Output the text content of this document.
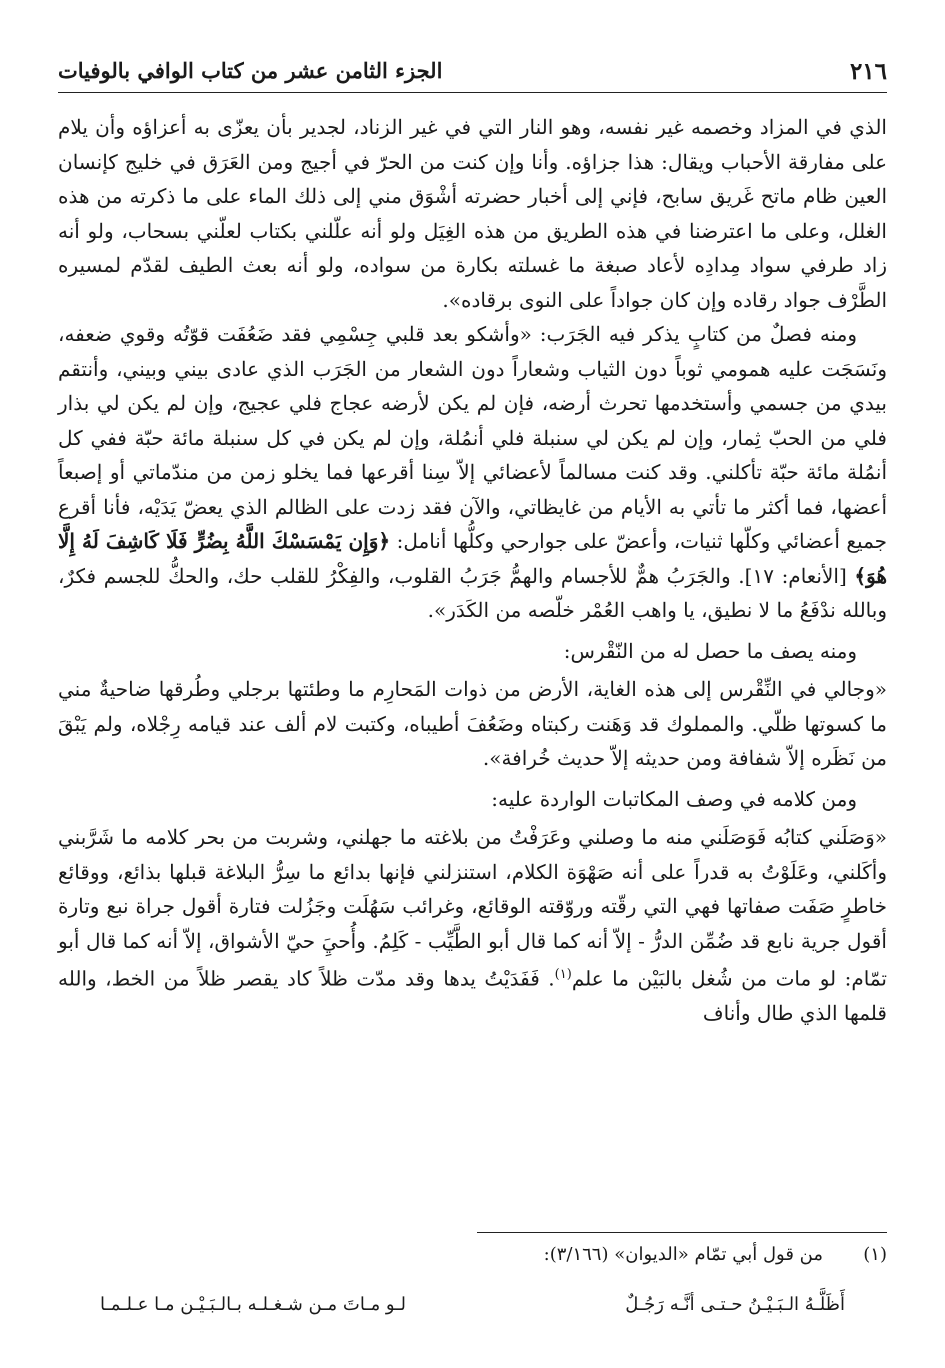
٢١٦
الجزء الثامن عشر من كتاب الوافي بالوفيات

الذي في المزاد وخصمه غير نفسه، وهو النار التي في غير الزناد، لجدير بأن يعزّى به أعزاؤه وأن يلام على مفارقة الأحباب ويقال: هذا جزاؤه. وأنا وإن كنت من الحرّ في أجيج ومن العَرَق في خليج كإنسان العين ظام ماتح غَريق سابح، فإني إلى أخبار حضرته أشْوَق مني إلى ذلك الماء على ما ذكرته من هذه الغلل، وعلى ما اعترضنا في هذه الطريق من هذه الغِيَل ولو أنه علّلني بكتاب لعلّني بسحاب، ولو أنه زاد طرفي سواد مِدادِه لأعاد صبغة ما غسلته بكارة من سواده، ولو أنه بعث الطيف لقدّم لمسيره الطَّرْف جواد رقاده وإن كان جواداً على النوى برقاده».

ومنه فصلٌ من كتابٍ يذكر فيه الجَرَب: «وأشكو بعد قلبي جِسْمِي فقد ضَعُفَت قوّتُه وقوي ضعفه، ونَسَجَت عليه همومي ثوباً دون الثياب وشعاراً دون الشعار من الجَرَب الذي عادى بيني وبيني، وأنتقم بيدي من جسمي وأستخدمها تحرث أرضه، فإن لم يكن لأرضه عجاج فلي عجيج، وإن لم يكن لي بذار فلي من الحبّ ثِمار، وإن لم يكن لي سنبلة فلي أنمُلة، وإن لم يكن في كل سنبلة مائة حبّة ففي كل أنمُلة مائة حبّة تأكلني. وقد كنت مسالماً لأعضائي إلاّ سِنا أقرعها فما يخلو زمن من مندّماتي أو إصبعاً أعضها، فما أكثر ما تأتي به الأيام من غايظاتي، والآن فقد زدت على الظالم الذي يعضّ يَدَيْه، فأنا أقرع جميع أعضائي وكلّها ثنيات، وأعضّ على جوارحي وكلُّها أنامل: ﴿وَإِن يَمْسَسْكَ اللَّهُ بِضُرٍّ فَلَا كَاشِفَ لَهُ إِلَّا هُوَ﴾ [الأنعام: ١٧]. والجَرَبُ همٌّ للأجسام والهمُّ جَرَبُ القلوب، والفِكْرُ للقلب حك، والحكُّ للجسم فكرٌ، وبالله ندْفَعُ ما لا نطيق، يا واهب العُمْر خلّصه من الكَدَر».

ومنه يصف ما حصل له من النّقْرس:

«وجالي في النِّقْرس إلى هذه الغاية، الأرض من ذوات المَحارِم ما وطئتها برجلي وطُرقها ضاحيةٌ مني ما كسوتها ظلّي. والمملوك قد وَهَنت ركبتاه وضَعُفَ أطيباه، وكتبت لام ألف عند قيامه رِجْلاه، ولم يَبْقَ من نَظَره إلاّ شفافة ومن حديثه إلاّ حديث خُرافة».

ومن كلامه في وصف المكاتبات الواردة عليه:

«وَصَلَني كتابُه فَوَصَلَني منه ما وصلني وعَرَفْتُ من بلاغته ما جهلني، وشربت من بحر كلامه ما شَرَّبني وأكَلني، وعَلَوْتُ به قدراً على أنه صَهْوَة الكلام، استنزلني فإنها بدائع ما سِرُّ البلاغة قبلها بذائع، ووقائع خاطرٍ صَفَت صفاتها فهي التي رقّته وروّقته الوقائع، وغرائب سَهُلَت وجَزُلت فتارة أقول جراة نبع وتارة أقول جرية نابع قد ضُمِّن الدرُّ - إلاّ أنه كما قال أبو الطَّيِّب - كَلِمُ. وأُحيَِ حيّ الأشواق، إلاّ أنه كما قال أبو تمّام: لو مات من شُغل بالبَيْن ما علم$^{(١)}$. فَفَدَيْتُ يدها وقد مدّت ظلاً كاد يقصر ظلاً من الخط، والله قلمها الذي طال وأناف

(١)
من قول أبي تمّام «الديوان» (٣/١٦٦):
أَظَلَّـهُ الـبَـيْـنُ حـتـى أنَّـه رَجُـلٌ
لـو مـاتَ مـن شـغـلـه بـالـبَـيْـن مـا عـلـمـا
